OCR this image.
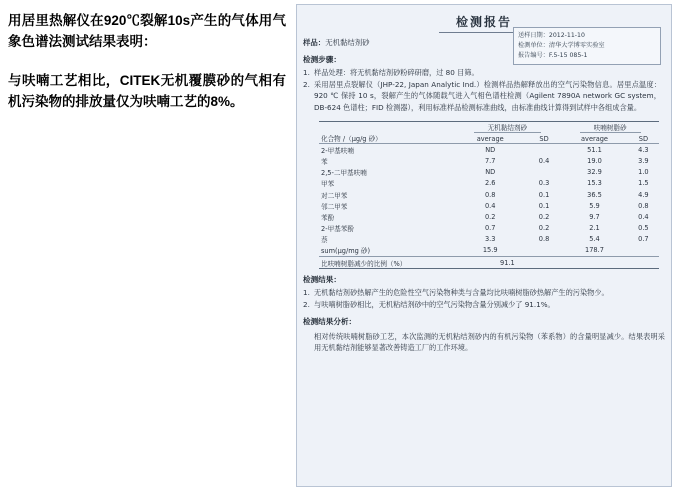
用居里热解仪在920℃裂解10s产生的气体用气象色谱法测试结果表明：

与呋喃工艺相比，CITEK无机覆膜砂的气相有机污染物的排放量仅为呋喃工艺的8%。

检测报告
送样日期：2012-11-10
检测单位：清华大学博零实验室
报告编号：F.5-15 085-1
样品：无机黏结剂砂
检测步骤：
1. 样品处理：将无机黏结剂砂粉碎研磨，过 80 目筛。
2. 采用居里点裂解仪（JHP-22, Japan Analytic Ind.）检测样品热解释放出的空气污染物信息。居里点温度：920 ℃ 保持 10 s，裂解产生的气体随载气进入气相色谱柱检测（Agilent 7890A network GC system，DB-624 色谱柱；FID 检测器），利用标准样品检测标准曲线，由标准曲线计算得到试样中各组成含量。
化合物 /（μg/g 砂）	无机黏结剂砂		呋喃树脂砂	
	average	SD	average	SD
2-甲基呋喃	ND		51.1	4.3
苯	7.7	0.4	19.0	3.9
2,5-二甲基呋喃	ND		32.9	1.0
甲苯	2.6	0.3	15.3	1.5
对二甲苯	0.8	0.1	36.5	4.9
邻二甲苯	0.4	0.1	5.9	0.8
苯酚	0.2	0.2	9.7	0.4
2-甲基苯酚	0.7	0.2	2.1	0.5
萘	3.3	0.8	5.4	0.7
sum(μg/mg 砂)	15.9		178.7	
比呋喃树脂减少的比例（%）	91.1			
检测结果：
1. 无机黏结剂砂热解产生的危险性空气污染物种类与含量均比呋喃树脂砂热解产生的污染物少。
2. 与呋喃树脂砂相比，无机粘结剂砂中的空气污染物含量分别减少了 91.1%。
检测结果分析：
相对传统呋喃树脂砂工艺，本次监测的无机粘结剂砂内的有机污染物（苯系物）的含量明显减少。结果表明采用无机黏结剂能够显著改善铸造工厂的工作环境。
